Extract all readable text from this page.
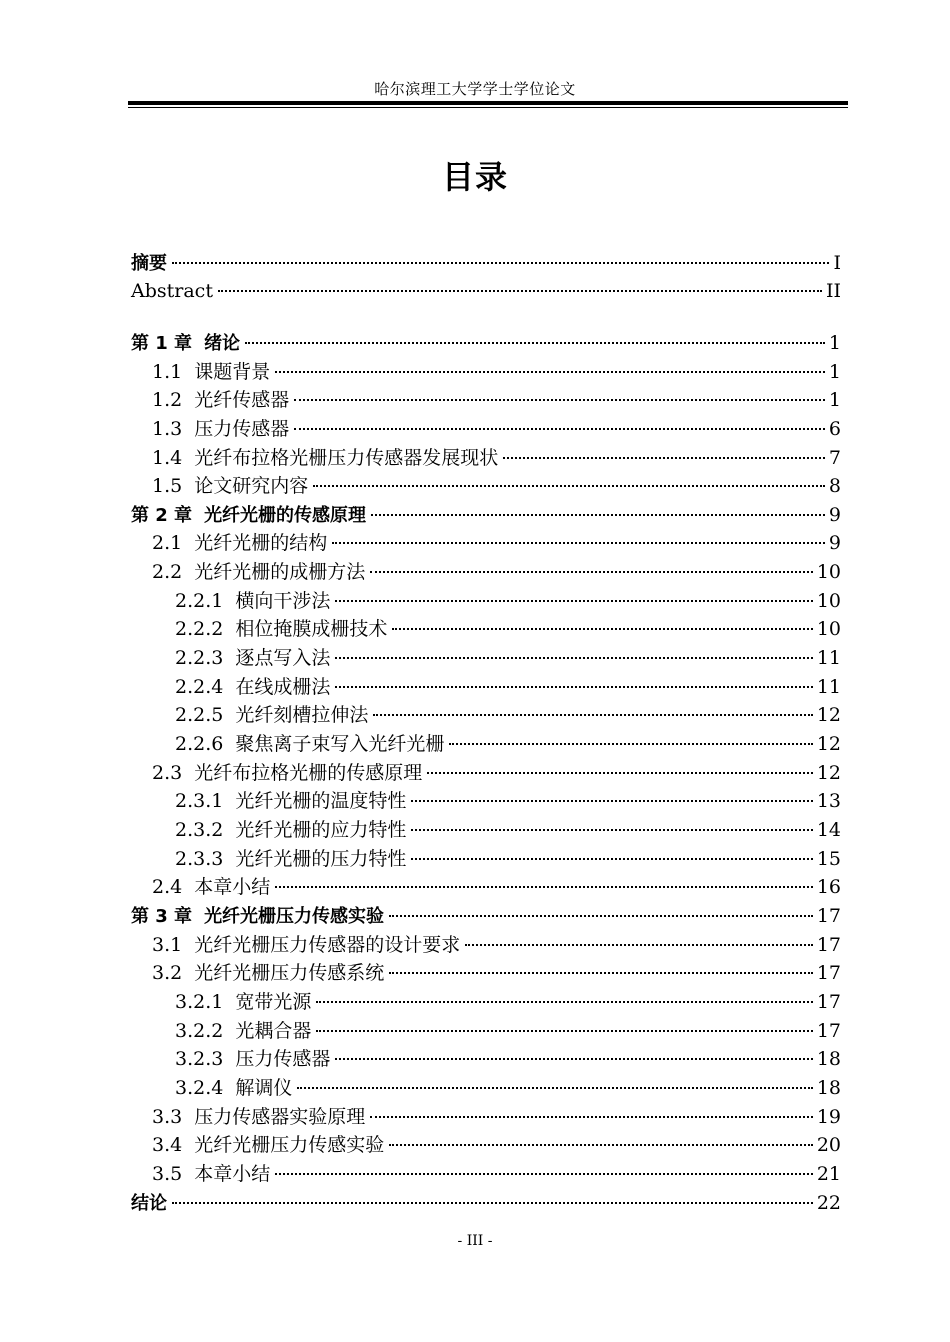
哈尔滨理工大学学士学位论文
目录
摘要	I
Abstract	II
第 1 章 绪论	1
1.1 课题背景	1
1.2 光纤传感器	1
1.3 压力传感器	6
1.4 光纤布拉格光栅压力传感器发展现状	7
1.5 论文研究内容	8
第 2 章 光纤光栅的传感原理	9
2.1 光纤光栅的结构	9
2.2 光纤光栅的成栅方法	10
2.2.1 横向干涉法	10
2.2.2 相位掩膜成栅技术	10
2.2.3 逐点写入法	11
2.2.4 在线成栅法	11
2.2.5 光纤刻槽拉伸法	12
2.2.6 聚焦离子束写入光纤光栅	12
2.3 光纤布拉格光栅的传感原理	12
2.3.1 光纤光栅的温度特性	13
2.3.2 光纤光栅的应力特性	14
2.3.3 光纤光栅的压力特性	15
2.4 本章小结	16
第 3 章 光纤光栅压力传感实验	17
3.1 光纤光栅压力传感器的设计要求	17
3.2 光纤光栅压力传感系统	17
3.2.1 宽带光源	17
3.2.2 光耦合器	17
3.2.3 压力传感器	18
3.2.4 解调仪	18
3.3 压力传感器实验原理	19
3.4 光纤光栅压力传感实验	20
3.5 本章小结	21
结论	22
- III -
